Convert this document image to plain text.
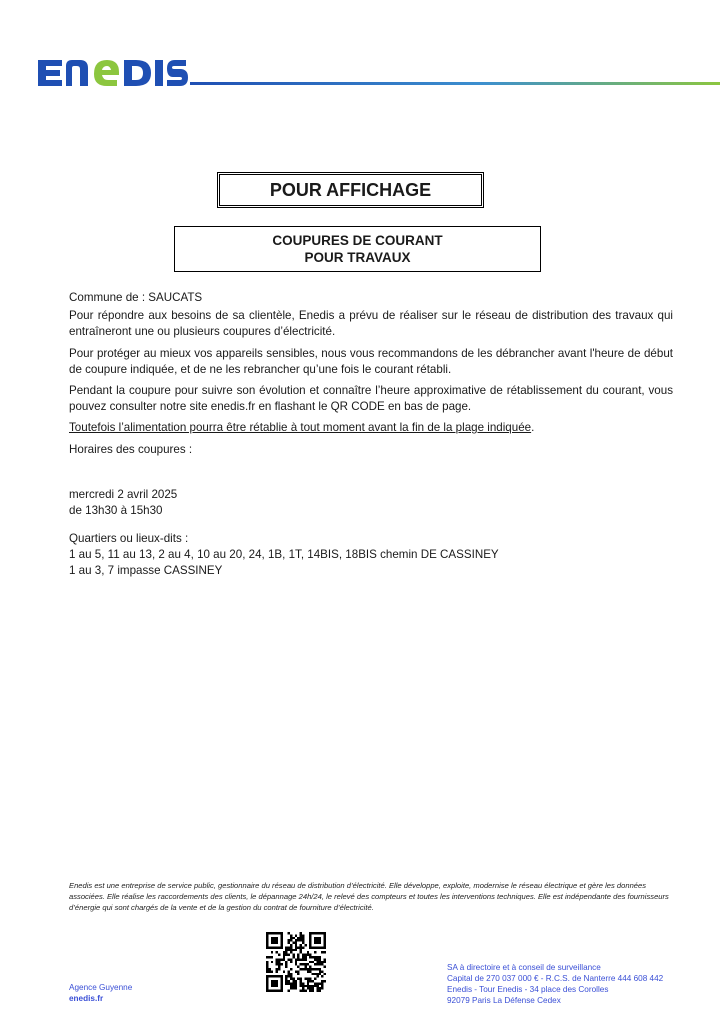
POUR AFFICHAGE
COUPURES DE COURANT
POUR TRAVAUX
Commune de : SAUCATS
Pour répondre aux besoins de sa clientèle, Enedis a prévu de réaliser sur le réseau de distribution des travaux qui entraîneront une ou plusieurs coupures d’électricité.
Pour protéger au mieux vos appareils sensibles, nous vous recommandons de les débrancher avant l'heure de début de coupure indiquée, et de ne les rebrancher qu’une fois le courant rétabli.
Pendant la coupure pour suivre son évolution et connaître l’heure approximative de rétablissement du courant, vous pouvez consulter notre site enedis.fr en flashant le QR CODE en bas de page.
Toutefois l’alimentation pourra être rétablie à tout moment avant la fin de la plage indiquée.
Horaires des coupures :
mercredi 2 avril 2025
de 13h30 à 15h30
Quartiers ou lieux-dits :
1 au 5, 11 au 13, 2 au 4, 10 au 20, 24, 1B, 1T, 14BIS, 18BIS chemin DE CASSINEY
1 au 3, 7 impasse CASSINEY
Enedis est une entreprise de service public, gestionnaire du réseau de distribution d’électricité. Elle développe, exploite, modernise le réseau électrique et gère les données associées. Elle réalise les raccordements des clients, le dépannage 24h/24, le relevé des compteurs et toutes les interventions techniques. Elle est indépendante des fournisseurs d’énergie qui sont chargés de la vente et de la gestion du contrat de fourniture d’électricité.
Agence Guyenne
enedis.fr
SA à directoire et à conseil de surveillance
Capital de 270 037 000 € - R.C.S. de Nanterre 444 608 442
Enedis - Tour Enedis - 34 place des Corolles
92079 Paris La Défense Cedex
